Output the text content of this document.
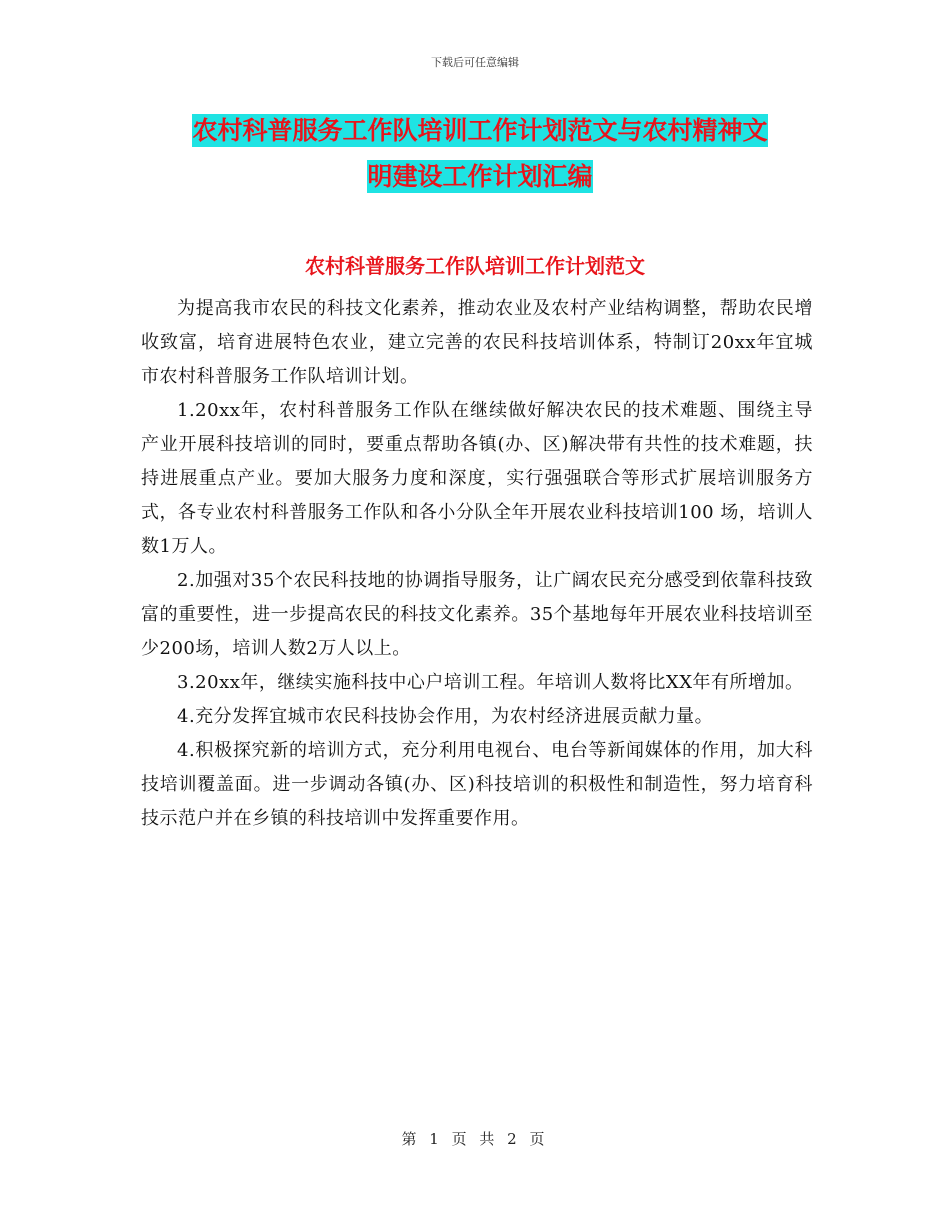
下载后可任意编辑
农村科普服务工作队培训工作计划范文与农村精神文
明建设工作计划汇编
农村科普服务工作队培训工作计划范文

为提高我市农民的科技文化素养，推动农业及农村产业结构调整，帮助农民增收致富，培育进展特色农业，建立完善的农民科技培训体系，特制订20xx年宜城市农村科普服务工作队培训计划。

1.20xx年，农村科普服务工作队在继续做好解决农民的技术难题、围绕主导产业开展科技培训的同时，要重点帮助各镇(办、区)解决带有共性的技术难题，扶持进展重点产业。要加大服务力度和深度，实行强强联合等形式扩展培训服务方式，各专业农村科普服务工作队和各小分队全年开展农业科技培训100 场，培训人数1万人。

2.加强对35个农民科技地的协调指导服务，让广阔农民充分感受到依靠科技致富的重要性，进一步提高农民的科技文化素养。35个基地每年开展农业科技培训至少200场，培训人数2万人以上。

3.20xx年，继续实施科技中心户培训工程。年培训人数将比XX年有所增加。

4.充分发挥宜城市农民科技协会作用，为农村经济进展贡献力量。

4.积极探究新的培训方式，充分利用电视台、电台等新闻媒体的作用，加大科技培训覆盖面。进一步调动各镇(办、区)科技培训的积极性和制造性，努力培育科技示范户并在乡镇的科技培训中发挥重要作用。

第 1 页 共 2 页
